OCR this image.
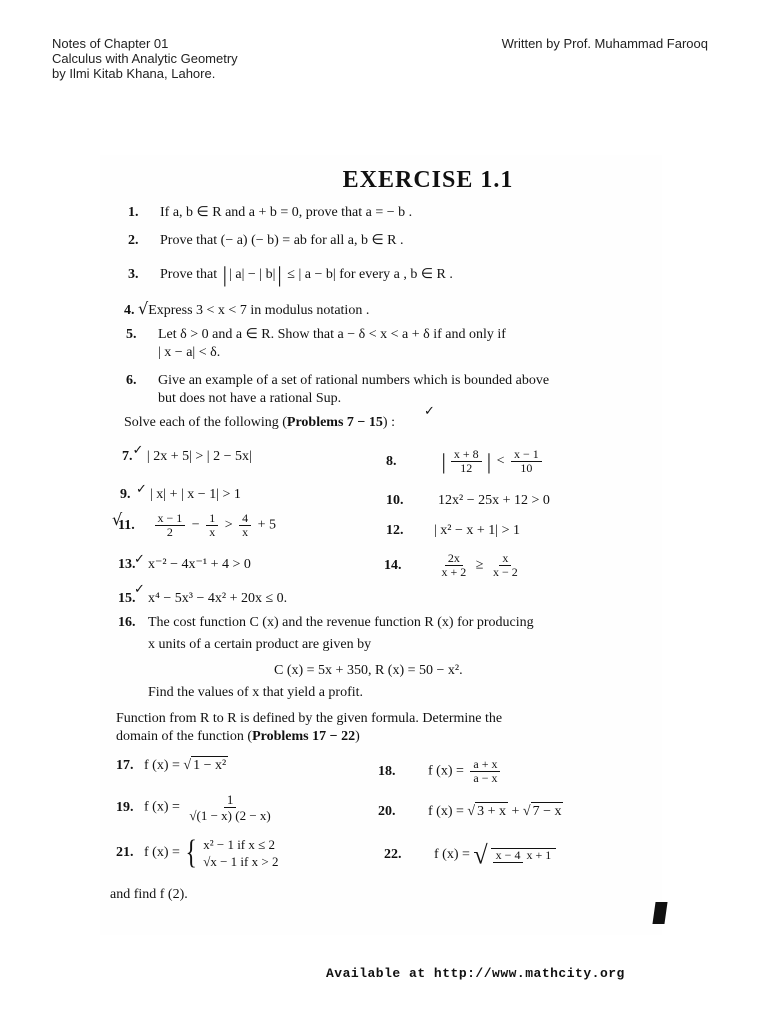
Notes of Chapter 01
Calculus with Analytic Geometry
by Ilmi Kitab Khana, Lahore.
Written by Prof. Muhammad Farooq
EXERCISE 1.1
1. If a, b ∈ R and a + b = 0, prove that a = − b .
2. Prove that (− a) (− b) = ab for all a, b ∈ R .
3. Prove that | | a| − | b|| ≤ | a − b| for every a , b ∈ R .
4. √Express 3 < x < 7 in modulus notation .
5. Let δ > 0 and a ∈ R. Show that a − δ < x < a + δ if and only if
| x − a| < δ.
6. Give an example of a set of rational numbers which is bounded above
but does not have a rational Sup.
Solve each of the following (Problems 7 − 15) :
7.✓ | 2x + 5| > | 2 − 5x|	8. | $\frac{x + 8}{12}$ | < $\frac{x - 1}{10}$
9. | x| + | x − 1| > 1	10. 12x² − 25x + 12 > 0
11. $\frac{x - 1}{2} - \frac{1}{x} > \frac{4}{x} + 5$	12. | x² − x + 1| > 1
13. x⁻² − 4x⁻¹ + 4 > 0	14.	$\frac{2x}{x + 2} \ge \frac{x}{x - 2}$
15. x⁴ − 5x³ − 4x² + 20x ≤ 0.
16. The cost function C (x) and the revenue function R (x) for producing
x units of a certain product are given by
C (x) = 5x + 350, R (x) = 50 − x².
Find the values of x that yield a profit.
Function from R to R is defined by the given formula. Determine the
domain of the function (Problems 17 − 22)
17. f (x) = √ 1 − x²	18. f $(x) = \frac{a + x}{a - x}$
19. f $(x) = \frac{1}{√(1 - x) (2 - x)}$	20. f (x) = √ 3 + x + √ 7 − x
21. f (x) = { x² − 1 if x ≤ 2
√x − 1 if x > 2
and find f (2).
22. f (x) = √ x − 4 x + 1
✓
✓
√
✓
✓
Available at http://www.mathcity.org
